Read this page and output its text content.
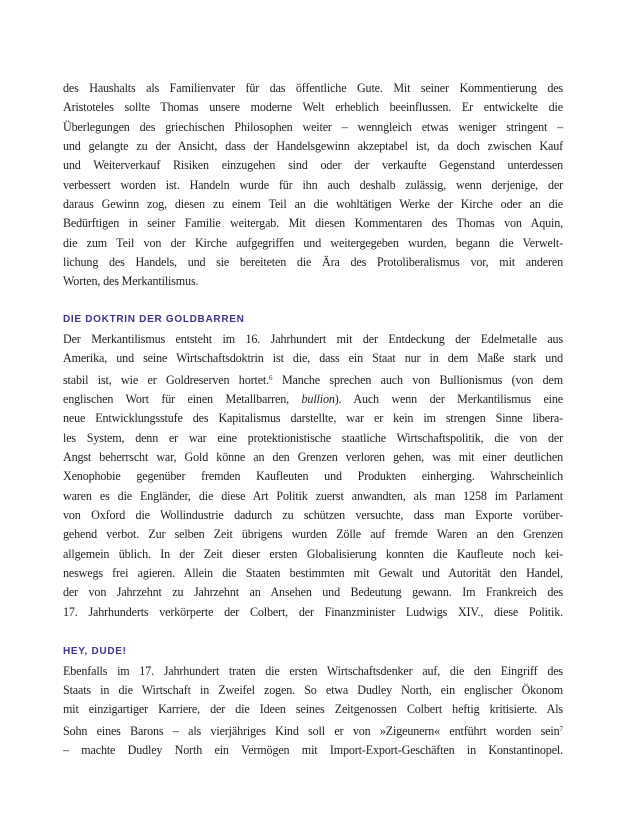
des Haushalts als Familienvater für das öffentliche Gute. Mit seiner Kommentierung des
Aristoteles sollte Thomas unsere moderne Welt erheblich beeinflussen. Er entwickelte die
Überlegungen des griechischen Philosophen weiter – wenngleich etwas weniger stringent –
und gelangte zu der Ansicht, dass der Handelsgewinn akzeptabel ist, da doch zwischen Kauf
und Weiterverkauf Risiken einzugehen sind oder der verkaufte Gegenstand unterdessen
verbessert worden ist. Handeln wurde für ihn auch deshalb zulässig, wenn derjenige, der
daraus Gewinn zog, diesen zu einem Teil an die wohltätigen Werke der Kirche oder an die
Bedürftigen in seiner Familie weitergab. Mit diesen Kommentaren des Thomas von Aquin,
die zum Teil von der Kirche aufgegriffen und weitergegeben wurden, begann die Verwelt-
lichung des Handels, und sie bereiteten die Ära des Protoliberalismus vor, mit anderen
Worten, des Merkantilismus.
DIE DOKTRIN DER GOLDBARREN
Der Merkantilismus entsteht im 16. Jahrhundert mit der Entdeckung der Edelmetalle aus
Amerika, und seine Wirtschaftsdoktrin ist die, dass ein Staat nur in dem Maße stark und
stabil ist, wie er Goldreserven hortet.$^6$ Manche sprechen auch von Bullionismus (von dem
englischen Wort für einen Metallbarren, bullion). Auch wenn der Merkantilismus eine
neue Entwicklungsstufe des Kapitalismus darstellte, war er kein im strengen Sinne libera-
les System, denn er war eine protektionistische staatliche Wirtschaftspolitik, die von der
Angst beherrscht war, Gold könne an den Grenzen verloren gehen, was mit einer deutlichen
Xenophobie gegenüber fremden Kaufleuten und Produkten einherging. Wahrscheinlich
waren es die Engländer, die diese Art Politik zuerst anwandten, als man 1258 im Parlament
von Oxford die Wollindustrie dadurch zu schützen versuchte, dass man Exporte vorüber-
gehend verbot. Zur selben Zeit übrigens wurden Zölle auf fremde Waren an den Grenzen
allgemein üblich. In der Zeit dieser ersten Globalisierung konnten die Kaufleute noch kei-
neswegs frei agieren. Allein die Staaten bestimmten mit Gewalt und Autorität den Handel,
der von Jahrzehnt zu Jahrzehnt an Ansehen und Bedeutung gewann. Im Frankreich des
17. Jahrhunderts verkörperte der Colbert, der Finanzminister Ludwigs XIV., diese Politik.
HEY, DUDE!
Ebenfalls im 17. Jahrhundert traten die ersten Wirtschaftsdenker auf, die den Eingriff des
Staats in die Wirtschaft in Zweifel zogen. So etwa Dudley North, ein englischer Ökonom
mit einzigartiger Karriere, der die Ideen seines Zeitgenossen Colbert heftig kritisierte. Als
Sohn eines Barons – als vierjähriges Kind soll er von »Zigeunern« entführt worden sein$^7$
– machte Dudley North ein Vermögen mit Import-Export-Geschäften in Konstantinopel.
